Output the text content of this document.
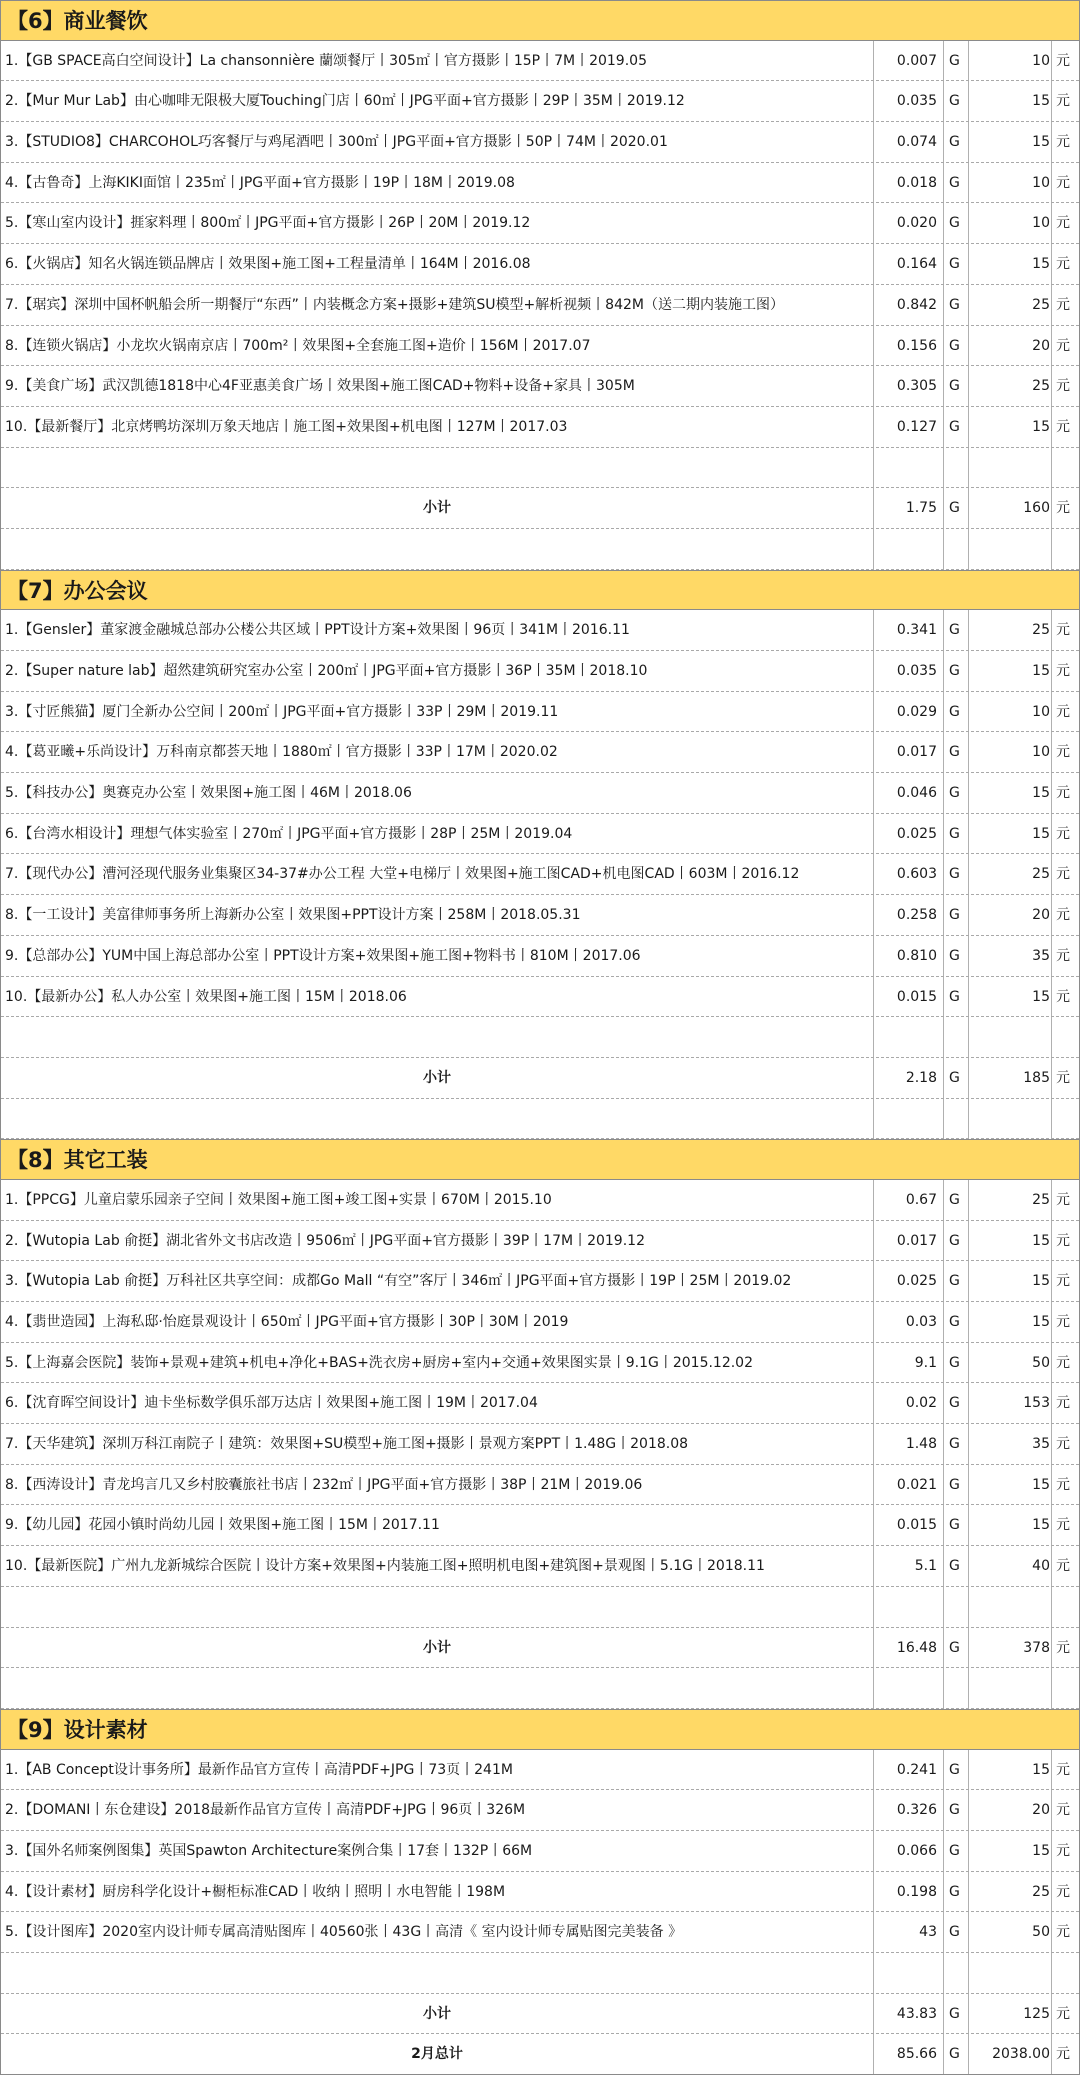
【6】商业餐饮
1.【GB SPACE高白空间设计】La chansonnière 蘭颂餐厅丨305㎡丨官方摄影丨15P丨7M丨2019.05	0.007 G	10 元
2.【Mur Mur Lab】由心咖啡无限极大厦Touching门店丨60㎡丨JPG平面+官方摄影丨29P丨35M丨2019.12	0.035 G	15 元
3.【STUDIO8】CHARCOHOL巧客餐厅与鸡尾酒吧丨300㎡丨JPG平面+官方摄影丨50P丨74M丨2020.01	0.074 G	15 元
4.【古鲁奇】上海KIKI面馆丨235㎡丨JPG平面+官方摄影丨19P丨18M丨2019.08	0.018 G	10 元
5.【寒山室内设计】捱家料理丨800㎡丨JPG平面+官方摄影丨26P丨20M丨2019.12	0.020 G	10 元
6.【火锅店】知名火锅连锁品牌店丨效果图+施工图+工程量清单丨164M丨2016.08	0.164 G	15 元
7.【琚宾】深圳中国杯帆船会所一期餐厅“东西”丨内装概念方案+摄影+建筑SU模型+解析视频丨842M（送二期内装施工图）	0.842 G	25 元
8.【连锁火锅店】小龙坎火锅南京店丨700m²丨效果图+全套施工图+造价丨156M丨2017.07	0.156 G	20 元
9.【美食广场】武汉凯德1818中心4F亚惠美食广场丨效果图+施工图CAD+物料+设备+家具丨305M	0.305 G	25 元
10.【最新餐厅】北京烤鸭坊深圳万象天地店丨施工图+效果图+机电图丨127M丨2017.03	0.127 G	15 元
小计	1.75 G	160 元
【7】办公会议
1.【Gensler】董家渡金融城总部办公楼公共区域丨PPT设计方案+效果图丨96页丨341M丨2016.11	0.341 G	25 元
2.【Super nature lab】超然建筑研究室办公室丨200㎡丨JPG平面+官方摄影丨36P丨35M丨2018.10	0.035 G	15 元
3.【寸匠熊猫】厦门全新办公空间丨200㎡丨JPG平面+官方摄影丨33P丨29M丨2019.11	0.029 G	10 元
4.【葛亚曦+乐尚设计】万科南京都荟天地丨1880㎡丨官方摄影丨33P丨17M丨2020.02	0.017 G	10 元
5.【科技办公】奥赛克办公室丨效果图+施工图丨46M丨2018.06	0.046 G	15 元
6.【台湾水相设计】理想气体实验室丨270㎡丨JPG平面+官方摄影丨28P丨25M丨2019.04	0.025 G	15 元
7.【现代办公】漕河泾现代服务业集聚区34-37#办公工程 大堂+电梯厅丨效果图+施工图CAD+机电图CAD丨603M丨2016.12	0.603 G	25 元
8.【一工设计】美富律师事务所上海新办公室丨效果图+PPT设计方案丨258M丨2018.05.31	0.258 G	20 元
9.【总部办公】YUM中国上海总部办公室丨PPT设计方案+效果图+施工图+物料书丨810M丨2017.06	0.810 G	35 元
10.【最新办公】私人办公室丨效果图+施工图丨15M丨2018.06	0.015 G	15 元
小计	2.18 G	185 元
【8】其它工装
1.【PPCG】儿童启蒙乐园亲子空间丨效果图+施工图+竣工图+实景丨670M丨2015.10	0.67 G	25 元
2.【Wutopia Lab 俞挺】湖北省外文书店改造丨9506㎡丨JPG平面+官方摄影丨39P丨17M丨2019.12	0.017 G	15 元
3.【Wutopia Lab 俞挺】万科社区共享空间：成都Go Mall “有空”客厅丨346㎡丨JPG平面+官方摄影丨19P丨25M丨2019.02	0.025 G	15 元
4.【翡世造园】上海私邸·怡庭景观设计丨650㎡丨JPG平面+官方摄影丨30P丨30M丨2019	0.03 G	15 元
5.【上海嘉会医院】装饰+景观+建筑+机电+净化+BAS+洗衣房+厨房+室内+交通+效果图实景丨9.1G丨2015.12.02	9.1 G	50 元
6.【沈育晖空间设计】迪卡坐标数学俱乐部万达店丨效果图+施工图丨19M丨2017.04	0.02 G	153 元
7.【天华建筑】深圳万科江南院子丨建筑：效果图+SU模型+施工图+摄影丨景观方案PPT丨1.48G丨2018.08	1.48 G	35 元
8.【西涛设计】青龙坞言几又乡村胶囊旅社书店丨232㎡丨JPG平面+官方摄影丨38P丨21M丨2019.06	0.021 G	15 元
9.【幼儿园】花园小镇时尚幼儿园丨效果图+施工图丨15M丨2017.11	0.015 G	15 元
10.【最新医院】广州九龙新城综合医院丨设计方案+效果图+内装施工图+照明机电图+建筑图+景观图丨5.1G丨2018.11	5.1 G	40 元
小计	16.48 G	378 元
【9】设计素材
1.【AB Concept设计事务所】最新作品官方宣传丨高清PDF+JPG丨73页丨241M	0.241 G	15 元
2.【DOMANI丨东仓建设】2018最新作品官方宣传丨高清PDF+JPG丨96页丨326M	0.326 G	20 元
3.【国外名师案例图集】英国Spawton Architecture案例合集丨17套丨132P丨66M	0.066 G	15 元
4.【设计素材】厨房科学化设计+橱柜标准CAD丨收纳丨照明丨水电智能丨198M	0.198 G	25 元
5.【设计图库】2020室内设计师专属高清贴图库丨40560张丨43G丨高清《 室内设计师专属贴图完美装备 》	43 G	50 元
小计	43.83 G	125 元
2月总计	85.66 G	2038.00 元
